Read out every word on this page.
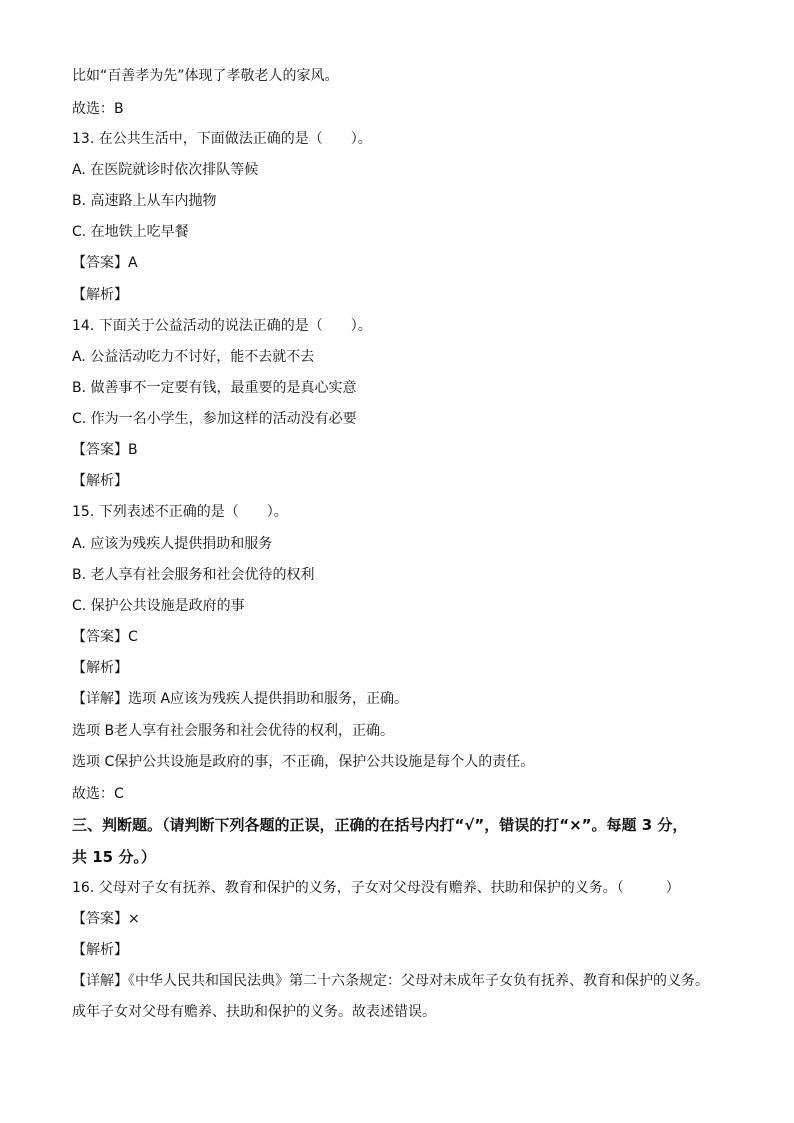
比如“百善孝为先”体现了孝敬老人的家风。
故选：B
13. 在公共生活中，下面做法正确的是（　　）。
A. 在医院就诊时依次排队等候
B. 高速路上从车内抛物
C. 在地铁上吃早餐
【答案】A
【解析】
14. 下面关于公益活动的说法正确的是（　　）。
A. 公益活动吃力不讨好，能不去就不去
B. 做善事不一定要有钱，最重要的是真心实意
C. 作为一名小学生，参加这样的活动没有必要
【答案】B
【解析】
15. 下列表述不正确的是（　　）。
A. 应该为残疾人提供捐助和服务
B. 老人享有社会服务和社会优待的权利
C. 保护公共设施是政府的事
【答案】C
【解析】
【详解】选项 A应该为残疾人提供捐助和服务，正确。
选项 B老人享有社会服务和社会优待的权利，正确。
选项 C保护公共设施是政府的事，不正确，保护公共设施是每个人的责任。
故选：C
三、判断题。（请判断下列各题的正误，正确的在括号内打“√”，错误的打“×”。每题 3 分，
共 15 分。）
16. 父母对子女有抚养、教育和保护的义务，子女对父母没有赡养、扶助和保护的义务。（　　　）
【答案】×
【解析】
【详解】《中华人民共和国民法典》第二十六条规定：父母对未成年子女负有抚养、教育和保护的义务。
成年子女对父母有赡养、扶助和保护的义务。故表述错误。
